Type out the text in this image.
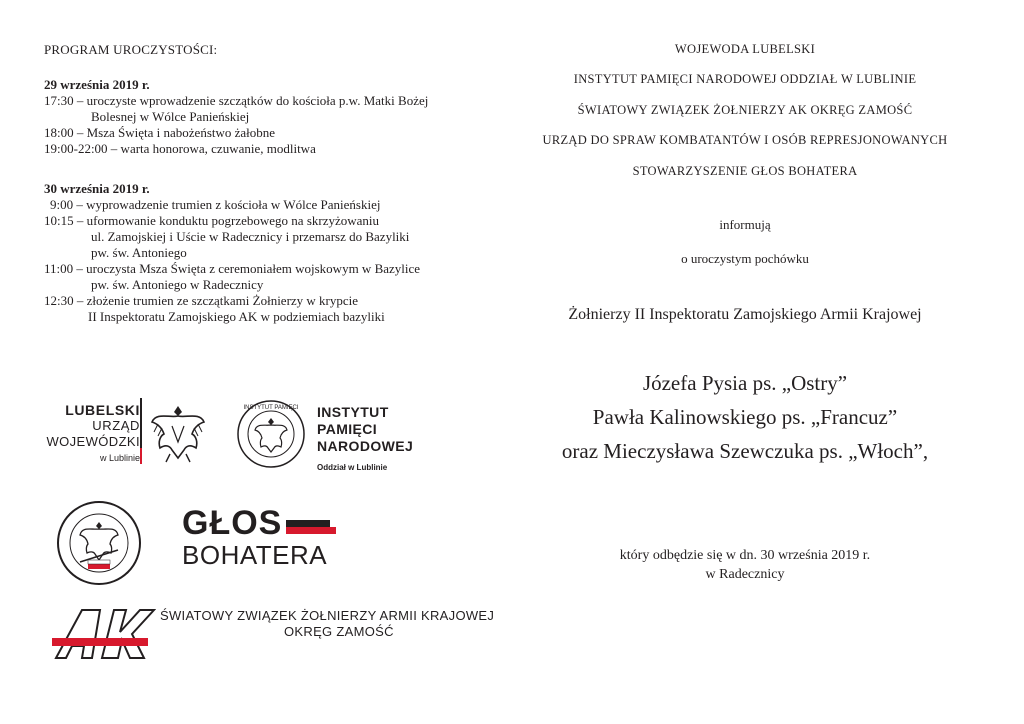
PROGRAM UROCZYSTOŚCI:
29 września 2019 r.
17:30 – uroczyste wprowadzenie szczątków do kościoła p.w. Matki Bożej
Bolesnej w Wólce Panieńskiej
18:00 – Msza Święta i nabożeństwo żałobne
19:00-22:00 – warta honorowa, czuwanie, modlitwa
30 września 2019 r.
9:00 – wyprowadzenie trumien z kościoła w Wólce Panieńskiej
10:15 – uformowanie konduktu pogrzebowego na skrzyżowaniu
ul. Zamojskiej i Uście w Radecznicy i przemarsz do Bazyliki
pw. św. Antoniego
11:00 – uroczysta Msza Święta z ceremoniałem wojskowym w Bazylice
pw. św. Antoniego w Radecznicy
12:30 – złożenie trumien ze szczątkami Żołnierzy w krypcie
II Inspektoratu Zamojskiego AK w podziemiach bazyliki
LUBELSKI
URZĄD
WOJEWÓDZKI
w Lublinie
INSTYTUT PAMIĘCI INSTYTUT
PAMIĘCI
NARODOWEJ
Oddział w Lublinie
GŁOS
BOHATERA
ŚWIATOWY ZWIĄZEK ŻOŁNIERZY ARMII KRAJOWEJ
OKRĘG ZAMOŚĆ
WOJEWODA LUBELSKI
INSTYTUT PAMIĘCI NARODOWEJ ODDZIAŁ W LUBLINIE
ŚWIATOWY ZWIĄZEK ŻOŁNIERZY AK OKRĘG ZAMOŚĆ
URZĄD DO SPRAW KOMBATANTÓW I OSÓB REPRESJONOWANYCH
STOWARZYSZENIE GŁOS BOHATERA
informują
o uroczystym pochówku
Żołnierzy II Inspektoratu Zamojskiego Armii Krajowej
Józefa Pysia ps. „Ostry”
Pawła Kalinowskiego ps. „Francuz”
oraz Mieczysława Szewczuka ps. „Włoch”,
który odbędzie się w dn. 30 września 2019 r.
w Radecznicy
